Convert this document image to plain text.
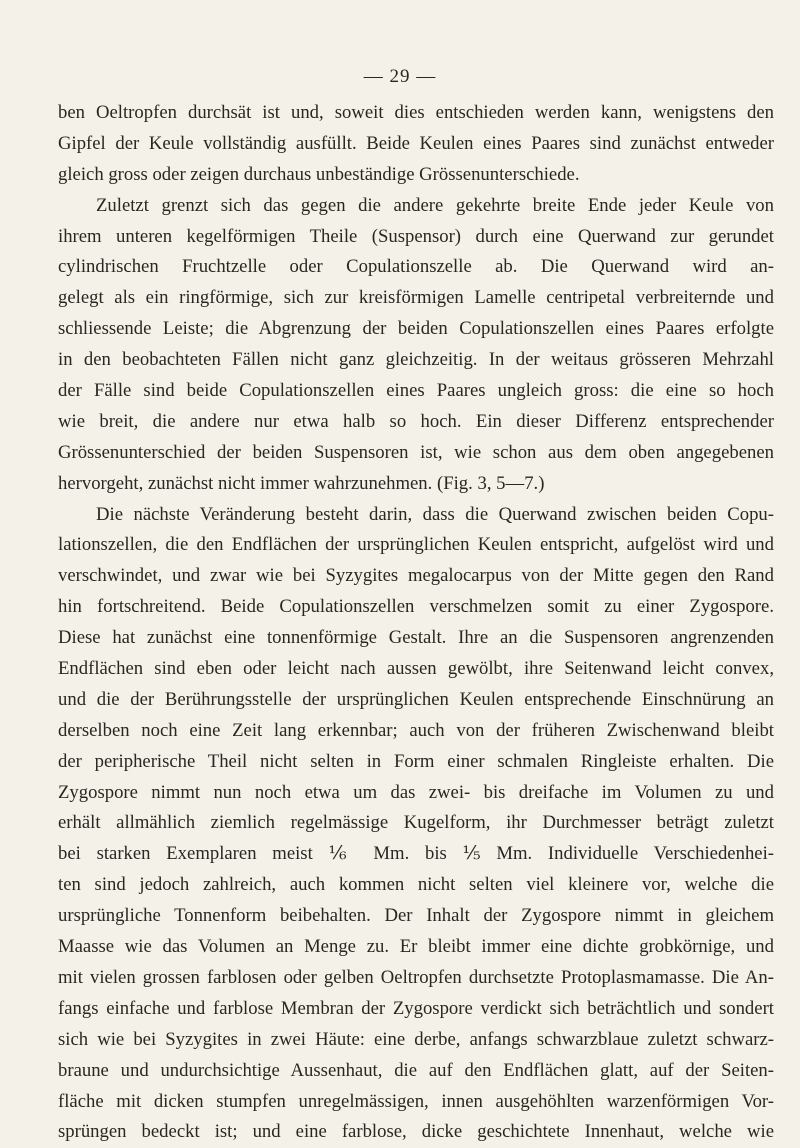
— 29 —
ben Oeltropfen durchsät ist und, soweit dies entschieden werden kann, wenigstens den
Gipfel der Keule vollständig ausfüllt. Beide Keulen eines Paares sind zunächst entweder
gleich gross oder zeigen durchaus unbeständige Grössenunterschiede.
Zuletzt grenzt sich das gegen die andere gekehrte breite Ende jeder Keule von
ihrem unteren kegelförmigen Theile (Suspensor) durch eine Querwand zur gerundet
cylindrischen Fruchtzelle oder Copulationszelle ab. Die Querwand wird an-
gelegt als ein ringförmige, sich zur kreisförmigen Lamelle centripetal verbreiternde und
schliessende Leiste; die Abgrenzung der beiden Copulationszellen eines Paares erfolgte
in den beobachteten Fällen nicht ganz gleichzeitig. In der weitaus grösseren Mehrzahl
der Fälle sind beide Copulationszellen eines Paares ungleich gross: die eine so hoch
wie breit, die andere nur etwa halb so hoch. Ein dieser Differenz entsprechender
Grössenunterschied der beiden Suspensoren ist, wie schon aus dem oben angegebenen
hervorgeht, zunächst nicht immer wahrzunehmen. (Fig. 3, 5—7.)
Die nächste Veränderung besteht darin, dass die Querwand zwischen beiden Copu-
lationszellen, die den Endflächen der ursprünglichen Keulen entspricht, aufgelöst wird und
verschwindet, und zwar wie bei Syzygites megalocarpus von der Mitte gegen den Rand
hin fortschreitend. Beide Copulationszellen verschmelzen somit zu einer Zygospore.
Diese hat zunächst eine tonnenförmige Gestalt. Ihre an die Suspensoren angrenzenden
Endflächen sind eben oder leicht nach aussen gewölbt, ihre Seitenwand leicht convex,
und die der Berührungsstelle der ursprünglichen Keulen entsprechende Einschnürung an
derselben noch eine Zeit lang erkennbar; auch von der früheren Zwischenwand bleibt
der peripherische Theil nicht selten in Form einer schmalen Ringleiste erhalten. Die
Zygospore nimmt nun noch etwa um das zwei- bis dreifache im Volumen zu und
erhält allmählich ziemlich regelmässige Kugelform, ihr Durchmesser beträgt zuletzt
bei starken Exemplaren meist ⅙ Mm. bis ⅕ Mm. Individuelle Verschiedenhei-
ten sind jedoch zahlreich, auch kommen nicht selten viel kleinere vor, welche die
ursprüngliche Tonnenform beibehalten. Der Inhalt der Zygospore nimmt in gleichem
Maasse wie das Volumen an Menge zu. Er bleibt immer eine dichte grobkörnige, und
mit vielen grossen farblosen oder gelben Oeltropfen durchsetzte Protoplasmamasse. Die An-
fangs einfache und farblose Membran der Zygospore verdickt sich beträchtlich und sondert
sich wie bei Syzygites in zwei Häute: eine derbe, anfangs schwarzblaue zuletzt schwarz-
braune und undurchsichtige Aussenhaut, die auf den Endflächen glatt, auf der Seiten-
fläche mit dicken stumpfen unregelmässigen, innen ausgehöhlten warzenförmigen Vor-
sprüngen bedeckt ist; und eine farblose, dicke geschichtete Innenhaut, welche wie
